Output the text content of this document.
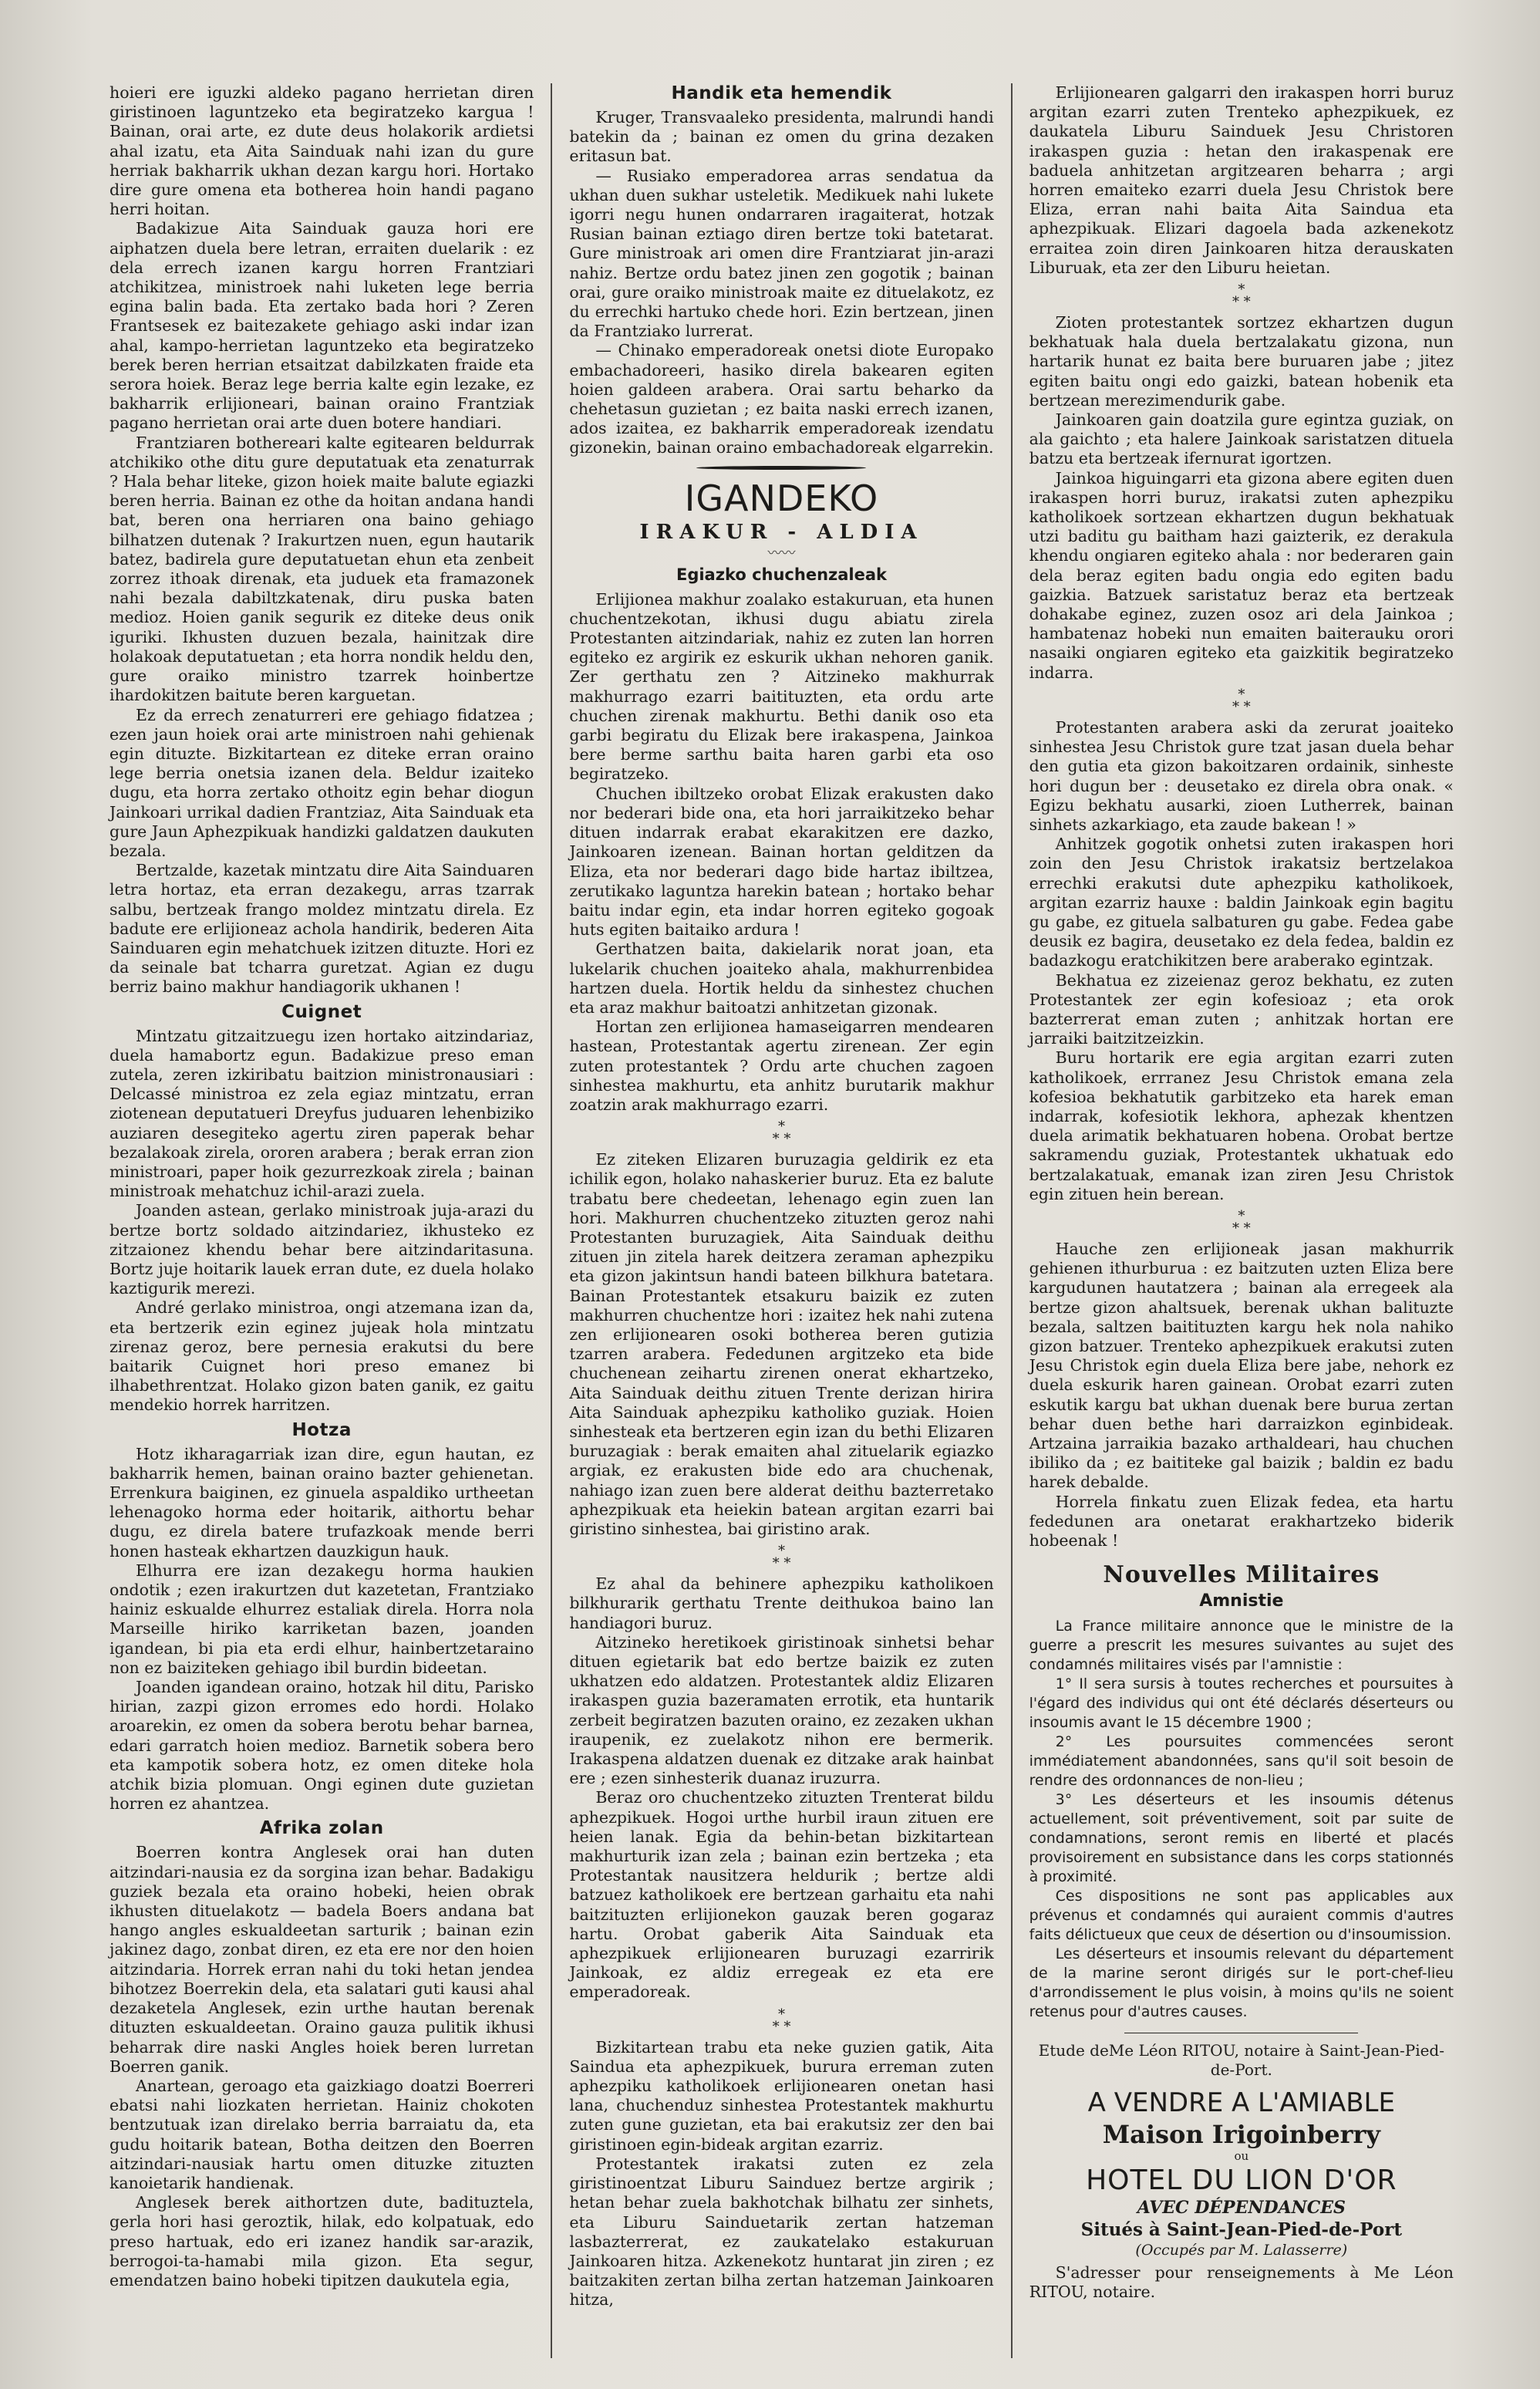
hoieri ere iguzki aldeko pagano herrietan diren giristinoen laguntzeko eta begiratzeko kargua ! Bainan, orai arte, ez dute deus holakorik ardietsi ahal izatu, eta Aita Sainduak nahi izan du gure herriak bakharrik ukhan dezan kargu hori. Hortako dire gure omena eta botherea hoin handi pagano herri hoitan.

Badakizue Aita Sainduak gauza hori ere aiphatzen duela bere letran, erraiten duelarik : ez dela errech izanen kargu horren Frantziari atchikitzea, ministroek nahi luketen lege berria egina balin bada. Eta zertako bada hori ? Zeren Frantsesek ez baitezakete gehiago aski indar izan ahal, kampo-herrietan laguntzeko eta begiratzeko berek beren herrian etsaitzat dabilzkaten fraide eta serora hoiek. Beraz lege berria kalte egin lezake, ez bakharrik erlijioneari, bainan oraino Frantziak pagano herrietan orai arte duen botere handiari.

Frantziaren bothereari kalte egitearen beldurrak atchikiko othe ditu gure deputatuak eta zenaturrak ? Hala behar liteke, gizon hoiek maite balute egiazki beren herria. Bainan ez othe da hoitan andana handi bat, beren ona herriaren ona baino gehiago bilhatzen dutenak ? Irakurtzen nuen, egun hautarik batez, badirela gure deputatuetan ehun eta zenbeit zorrez ithoak direnak, eta juduek eta framazonek nahi bezala dabiltzkatenak, diru puska baten medioz. Hoien ganik segurik ez diteke deus onik iguriki. Ikhusten duzuen bezala, hainitzak dire holakoak deputatuetan ; eta horra nondik heldu den, gure oraiko ministro tzarrek hoinbertze ihardokitzen baitute beren karguetan.

Ez da errech zenaturreri ere gehiago fidatzea ; ezen jaun hoiek orai arte ministroen nahi gehienak egin dituzte. Bizkitartean ez diteke erran oraino lege berria onetsia izanen dela. Beldur izaiteko dugu, eta horra zertako othoitz egin behar diogun Jainkoari urrikal dadien Frantziaz, Aita Sainduak eta gure Jaun Aphezpikuak handizki galdatzen daukuten bezala.

Bertzalde, kazetak mintzatu dire Aita Sainduaren letra hortaz, eta erran dezakegu, arras tzarrak salbu, bertzeak frango moldez mintzatu direla. Ez badute ere erlijioneaz achola handirik, bederen Aita Sainduaren egin mehatchuek izitzen dituzte. Hori ez da seinale bat tcharra guretzat. Agian ez dugu berriz baino makhur handiagorik ukhanen !

Cuignet

Mintzatu gitzaitzuegu izen hortako aitzindariaz, duela hamabortz egun. Badakizue preso eman zutela, zeren izkiribatu baitzion ministronausiari : Delcassé ministroa ez zela egiaz mintzatu, erran ziotenean deputatueri Dreyfus juduaren lehenbiziko auziaren desegiteko agertu ziren paperak behar bezalakoak zirela, ororen arabera ; berak erran zion ministroari, paper hoik gezurrezkoak zirela ; bainan ministroak mehatchuz ichil-arazi zuela.

Joanden astean, gerlako ministroak juja-arazi du bertze bortz soldado aitzindariez, ikhusteko ez zitzaionez khendu behar bere aitzindaritasuna. Bortz juje hoitarik lauek erran dute, ez duela holako kaztigurik merezi.

André gerlako ministroa, ongi atzemana izan da, eta bertzerik ezin eginez jujeak hola mintzatu zirenaz geroz, bere pernesia erakutsi du bere baitarik Cuignet hori preso emanez bi ilhabethrentzat. Holako gizon baten ganik, ez gaitu mendekio horrek harritzen.

Hotza

Hotz ikharagarriak izan dire, egun hautan, ez bakharrik hemen, bainan oraino bazter gehienetan. Errenkura baiginen, ez ginuela aspaldiko urtheetan lehenagoko horma eder hoitarik, aithortu behar dugu, ez direla batere trufazkoak mende berri honen hasteak ekhartzen dauzkigun hauk.

Elhurra ere izan dezakegu horma haukien ondotik ; ezen irakurtzen dut kazetetan, Frantziako hainiz eskualde elhurrez estaliak direla. Horra nola Marseille hiriko karriketan bazen, joanden igandean, bi pia eta erdi elhur, hainbertzetaraino non ez baiziteken gehiago ibil burdin bideetan.

Joanden igandean oraino, hotzak hil ditu, Parisko hirian, zazpi gizon erromes edo hordi. Holako aroarekin, ez omen da sobera berotu behar barnea, edari garratch hoien medioz. Barnetik sobera bero eta kampotik sobera hotz, ez omen diteke hola atchik bizia plomuan. Ongi eginen dute guzietan horren ez ahantzea.

Afrika zolan

Boerren kontra Anglesek orai han duten aitzindari-nausia ez da sorgina izan behar. Badakigu guziek bezala eta oraino hobeki, heien obrak ikhusten dituelakotz — badela Boers andana bat hango angles eskualdeetan sarturik ; bainan ezin jakinez dago, zonbat diren, ez eta ere nor den hoien aitzindaria. Horrek erran nahi du toki hetan jendea bihotzez Boerrekin dela, eta salatari guti kausi ahal dezaketela Anglesek, ezin urthe hautan berenak dituzten eskualdeetan. Oraino gauza pulitik ikhusi beharrak dire naski Angles hoiek beren lurretan Boerren ganik.

Anartean, geroago eta gaizkiago doatzi Boerreri ebatsi nahi liozkaten herrietan. Hainiz chokoten bentzutuak izan direlako berria barraiatu da, eta gudu hoitarik batean, Botha deitzen den Boerren aitzindari-nausiak hartu omen dituzke zituzten kanoietarik handienak.

Anglesek berek aithortzen dute, badituztela, gerla hori hasi geroztik, hilak, edo kolpatuak, edo preso hartuak, edo eri izanez handik sar-arazik, berrogoi-ta-hamabi mila gizon. Eta segur, emendatzen baino hobeki tipitzen daukutela egia,

Handik eta hemendik

Kruger, Transvaaleko presidenta, malrundi handi batekin da ; bainan ez omen du grina dezaken eritasun bat.

— Rusiako emperadorea arras sendatua da ukhan duen sukhar usteletik. Medikuek nahi lukete igorri negu hunen ondarraren iragaiterat, hotzak Rusian bainan eztiago diren bertze toki batetarat. Gure ministroak ari omen dire Frantziarat jin-arazi nahiz. Bertze ordu batez jinen zen gogotik ; bainan orai, gure oraiko ministroak maite ez dituelakotz, ez du errechki hartuko chede hori. Ezin bertzean, jinen da Frantziako lurrerat.

— Chinako emperadoreak onetsi diote Europako embachadoreeri, hasiko direla bakearen egiten hoien galdeen arabera. Orai sartu beharko da chehetasun guzietan ; ez baita naski errech izanen, ados izaitea, ez bakharrik emperadoreak izendatu gizonekin, bainan oraino embachadoreak elgarrekin.

IGANDEKO
IRAKUR - ALDIA
〰〰
Egiazko chuchenzaleak

Erlijionea makhur zoalako estakuruan, eta hunen chuchentzekotan, ikhusi dugu abiatu zirela Protestanten aitzindariak, nahiz ez zuten lan horren egiteko ez argirik ez eskurik ukhan nehoren ganik. Zer gerthatu zen ? Aitzineko makhurrak makhurrago ezarri baitituzten, eta ordu arte chuchen zirenak makhurtu. Bethi danik oso eta garbi begiratu du Elizak bere irakaspena, Jainkoa bere berme sarthu baita haren garbi eta oso begiratzeko.

Chuchen ibiltzeko orobat Elizak erakusten dako nor bederari bide ona, eta hori jarraikitzeko behar dituen indarrak erabat ekarakitzen ere dazko, Jainkoaren izenean. Bainan hortan gelditzen da Eliza, eta nor bederari dago bide hartaz ibiltzea, zerutikako laguntza harekin batean ; hortako behar baitu indar egin, eta indar horren egiteko gogoak huts egiten baitaiko ardura !

Gerthatzen baita, dakielarik norat joan, eta lukelarik chuchen joaiteko ahala, makhurrenbidea hartzen duela. Hortik heldu da sinhestez chuchen eta araz makhur baitoatzi anhitzetan gizonak.

Hortan zen erlijionea hamaseigarren mendearen hastean, Protestantak agertu zirenean. Zer egin zuten protestantek ? Ordu arte chuchen zagoen sinhestea makhurtu, eta anhitz burutarik makhur zoatzin arak makhurrago ezarri.

*
* *

Ez ziteken Elizaren buruzagia geldirik ez eta ichilik egon, holako nahaskerier buruz. Eta ez balute trabatu bere chedeetan, lehenago egin zuen lan hori. Makhurren chuchentzeko zituzten geroz nahi Protestanten buruzagiek, Aita Sainduak deithu zituen jin zitela harek deitzera zeraman aphezpiku eta gizon jakintsun handi bateen bilkhura batetara. Bainan Protestantek etsakuru baizik ez zuten makhurren chuchentze hori : izaitez hek nahi zutena zen erlijionearen osoki botherea beren gutizia tzarren arabera. Fededunen argitzeko eta bide chuchenean zeihartu zirenen onerat ekhartzeko, Aita Sainduak deithu zituen Trente derizan hirira Aita Sainduak aphezpiku katholiko guziak. Hoien sinhesteak eta bertzeren egin izan du bethi Elizaren buruzagiak : berak emaiten ahal zituelarik egiazko argiak, ez erakusten bide edo ara chuchenak, nahiago izan zuen bere alderat deithu bazterretako aphezpikuak eta heiekin batean argitan ezarri bai giristino sinhestea, bai giristino arak.

*
* *

Ez ahal da behinere aphezpiku katholikoen bilkhurarik gerthatu Trente deithukoa baino lan handiagori buruz.

Aitzineko heretikoek giristinoak sinhetsi behar dituen egietarik bat edo bertze baizik ez zuten ukhatzen edo aldatzen. Protestantek aldiz Elizaren irakaspen guzia bazeramaten errotik, eta huntarik zerbeit begiratzen bazuten oraino, ez zezaken ukhan iraupenik, ez zuelakotz nihon ere bermerik. Irakaspena aldatzen duenak ez ditzake arak hainbat ere ; ezen sinhesterik duanaz iruzurra.

Beraz oro chuchentzeko zituzten Trenterat bildu aphezpikuek. Hogoi urthe hurbil iraun zituen ere heien lanak. Egia da behin-betan bizkitartean makhurturik izan zela ; bainan ezin bertzeka ; eta Protestantak nausitzera heldurik ; bertze aldi batzuez katholikoek ere bertzean garhaitu eta nahi baitzituzten erlijionekon gauzak beren gogaraz hartu. Orobat gaberik Aita Sainduak eta aphezpikuek erlijionearen buruzagi ezarririk Jainkoak, ez aldiz erregeak ez eta ere emperadoreak.

*
* *

Bizkitartean trabu eta neke guzien gatik, Aita Saindua eta aphezpikuek, burura erreman zuten aphezpiku katholikoek erlijionearen onetan hasi lana, chuchenduz sinhestea Protestantek makhurtu zuten gune guzietan, eta bai erakutsiz zer den bai giristinoen egin-bideak argitan ezarriz.

Protestantek irakatsi zuten ez zela giristinoentzat Liburu Sainduez bertze argirik ; hetan behar zuela bakhotchak bilhatu zer sinhets, eta Liburu Sainduetarik zertan hatzeman lasbazterrerat, ez zaukatelako estakuruan Jainkoaren hitza. Azkenekotz huntarat jin ziren ; ez baitzakiten zertan bilha zertan hatzeman Jainkoaren hitza,

Erlijionearen galgarri den irakaspen horri buruz argitan ezarri zuten Trenteko aphezpikuek, ez daukatela Liburu Sainduek Jesu Christoren irakaspen guzia : hetan den irakaspenak ere baduela anhitzetan argitzearen beharra ; argi horren emaiteko ezarri duela Jesu Christok bere Eliza, erran nahi baita Aita Saindua eta aphezpikuak. Elizari dagoela bada azkenekotz erraitea zoin diren Jainkoaren hitza derauskaten Liburuak, eta zer den Liburu heietan.

*
* *

Zioten protestantek sortzez ekhartzen dugun bekhatuak hala duela bertzalakatu gizona, nun hartarik hunat ez baita bere buruaren jabe ; jitez egiten baitu ongi edo gaizki, batean hobenik eta bertzean merezimendurik gabe.

Jainkoaren gain doatzila gure egintza guziak, on ala gaichto ; eta halere Jainkoak saristatzen dituela batzu eta bertzeak ifernurat igortzen.

Jainkoa higuingarri eta gizona abere egiten duen irakaspen horri buruz, irakatsi zuten aphezpiku katholikoek sortzean ekhartzen dugun bekhatuak utzi baditu gu baitham hazi gaizterik, ez derakula khendu ongiaren egiteko ahala : nor bederaren gain dela beraz egiten badu ongia edo egiten badu gaizkia. Batzuek saristatuz beraz eta bertzeak dohakabe eginez, zuzen osoz ari dela Jainkoa ; hambatenaz hobeki nun emaiten baiterauku orori nasaiki ongiaren egiteko eta gaizkitik begiratzeko indarra.

*
* *

Protestanten arabera aski da zerurat joaiteko sinhestea Jesu Christok gure tzat jasan duela behar den gutia eta gizon bakoitzaren ordainik, sinheste hori dugun ber : deusetako ez direla obra onak. « Egizu bekhatu ausarki, zioen Lutherrek, bainan sinhets azkarkiago, eta zaude bakean ! »

Anhitzek gogotik onhetsi zuten irakaspen hori zoin den Jesu Christok irakatsiz bertzelakoa errechki erakutsi dute aphezpiku katholikoek, argitan ezarriz hauxe : baldin Jainkoak egin bagitu gu gabe, ez gituela salbaturen gu gabe. Fedea gabe deusik ez bagira, deusetako ez dela fedea, baldin ez badazkogu eratchikitzen bere araberako egintzak.

Bekhatua ez zizeienaz geroz bekhatu, ez zuten Protestantek zer egin kofesioaz ; eta orok bazterrerat eman zuten ; anhitzak hortan ere jarraiki baitzitzeizkin.

Buru hortarik ere egia argitan ezarri zuten katholikoek, errranez Jesu Christok emana zela kofesioa bekhatutik garbitzeko eta harek eman indarrak, kofesiotik lekhora, aphezak khentzen duela arimatik bekhatuaren hobena. Orobat bertze sakramendu guziak, Protestantek ukhatuak edo bertzalakatuak, emanak izan ziren Jesu Christok egin zituen hein berean.

*
* *

Hauche zen erlijioneak jasan makhurrik gehienen ithurburua : ez baitzuten uzten Eliza bere kargudunen hautatzera ; bainan ala erregeek ala bertze gizon ahaltsuek, berenak ukhan balituzte bezala, saltzen baitituzten kargu hek nola nahiko gizon batzuer. Trenteko aphezpikuek erakutsi zuten Jesu Christok egin duela Eliza bere jabe, nehork ez duela eskurik haren gainean. Orobat ezarri zuten eskutik kargu bat ukhan duenak bere burua zertan behar duen bethe hari darraizkon eginbideak. Artzaina jarraikia bazako arthaldeari, hau chuchen ibiliko da ; ez baititeke gal baizik ; baldin ez badu harek debalde.

Horrela finkatu zuen Elizak fedea, eta hartu fededunen ara onetarat erakhartzeko biderik hobeenak !

Nouvelles Militaires
Amnistie

La France militaire annonce que le ministre de la guerre a prescrit les mesures suivantes au sujet des condamnés militaires visés par l'amnistie :

1° Il sera sursis à toutes recherches et poursuites à l'égard des individus qui ont été déclarés déserteurs ou insoumis avant le 15 décembre 1900 ;

2° Les poursuites commencées seront immédiatement abandonnées, sans qu'il soit besoin de rendre des ordonnances de non-lieu ;

3° Les déserteurs et les insoumis détenus actuellement, soit préventivement, soit par suite de condamnations, seront remis en liberté et placés provisoirement en subsistance dans les corps stationnés à proximité.

Ces dispositions ne sont pas applicables aux prévenus et condamnés qui auraient commis d'autres faits délictueux que ceux de désertion ou d'insoumission.

Les déserteurs et insoumis relevant du département de la marine seront dirigés sur le port-chef-lieu d'arrondissement le plus voisin, à moins qu'ils ne soient retenus pour d'autres causes.

Etude deMe Léon RITOU, notaire à Saint-Jean-Pied-de-Port.
A VENDRE A L'AMIABLE
Maison Irigoinberry
ou
HOTEL DU LION D'OR
AVEC DÉPENDANCES
Situés à Saint-Jean-Pied-de-Port
(Occupés par M. Lalasserre)

S'adresser pour renseignements à Me Léon RITOU, notaire.
